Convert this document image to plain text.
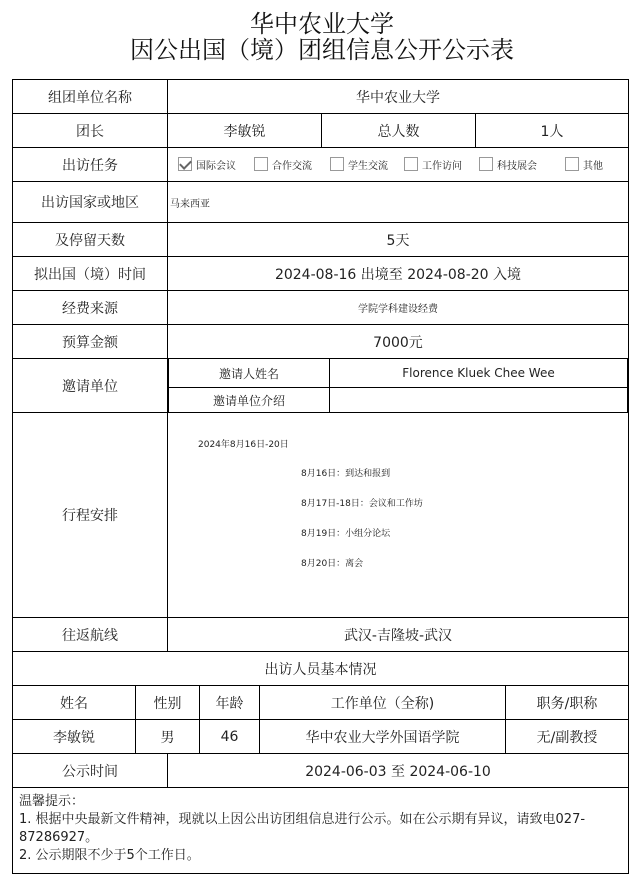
华中农业大学
因公出国（境）团组信息公开公示表
组团单位名称	华中农业大学
团长	李敏锐	总人数	1人
出访任务	国际会议	合作交流	学生交流	工作访问	科技展会	其他
出访国家或地区	马来西亚
及停留天数	5天
拟出国（境）时间	2024-08-16 出境至 2024-08-20 入境
经费来源	学院学科建设经费
预算金额	7000元
邀请单位
邀请人姓名	Florence Kluek Chee Wee
邀请单位介绍
行程安排
2024年8月16日-20日
8月16日：到达和报到
8月17日-18日：会议和工作坊
8月19日：小组分论坛
8月20日：离会
往返航线	武汉-吉隆坡-武汉
出访人员基本情况
姓名	性别	年龄	工作单位（全称)	职务/职称
李敏锐	男	46	华中农业大学外国语学院	无/副教授
公示时间	2024-06-03 至 2024-06-10

温馨提示：

1. 根据中央最新文件精神，现就以上因公出访团组信息进行公示。如在公示期有异议，请致电027-87286927。

2. 公示期限不少于5个工作日。
